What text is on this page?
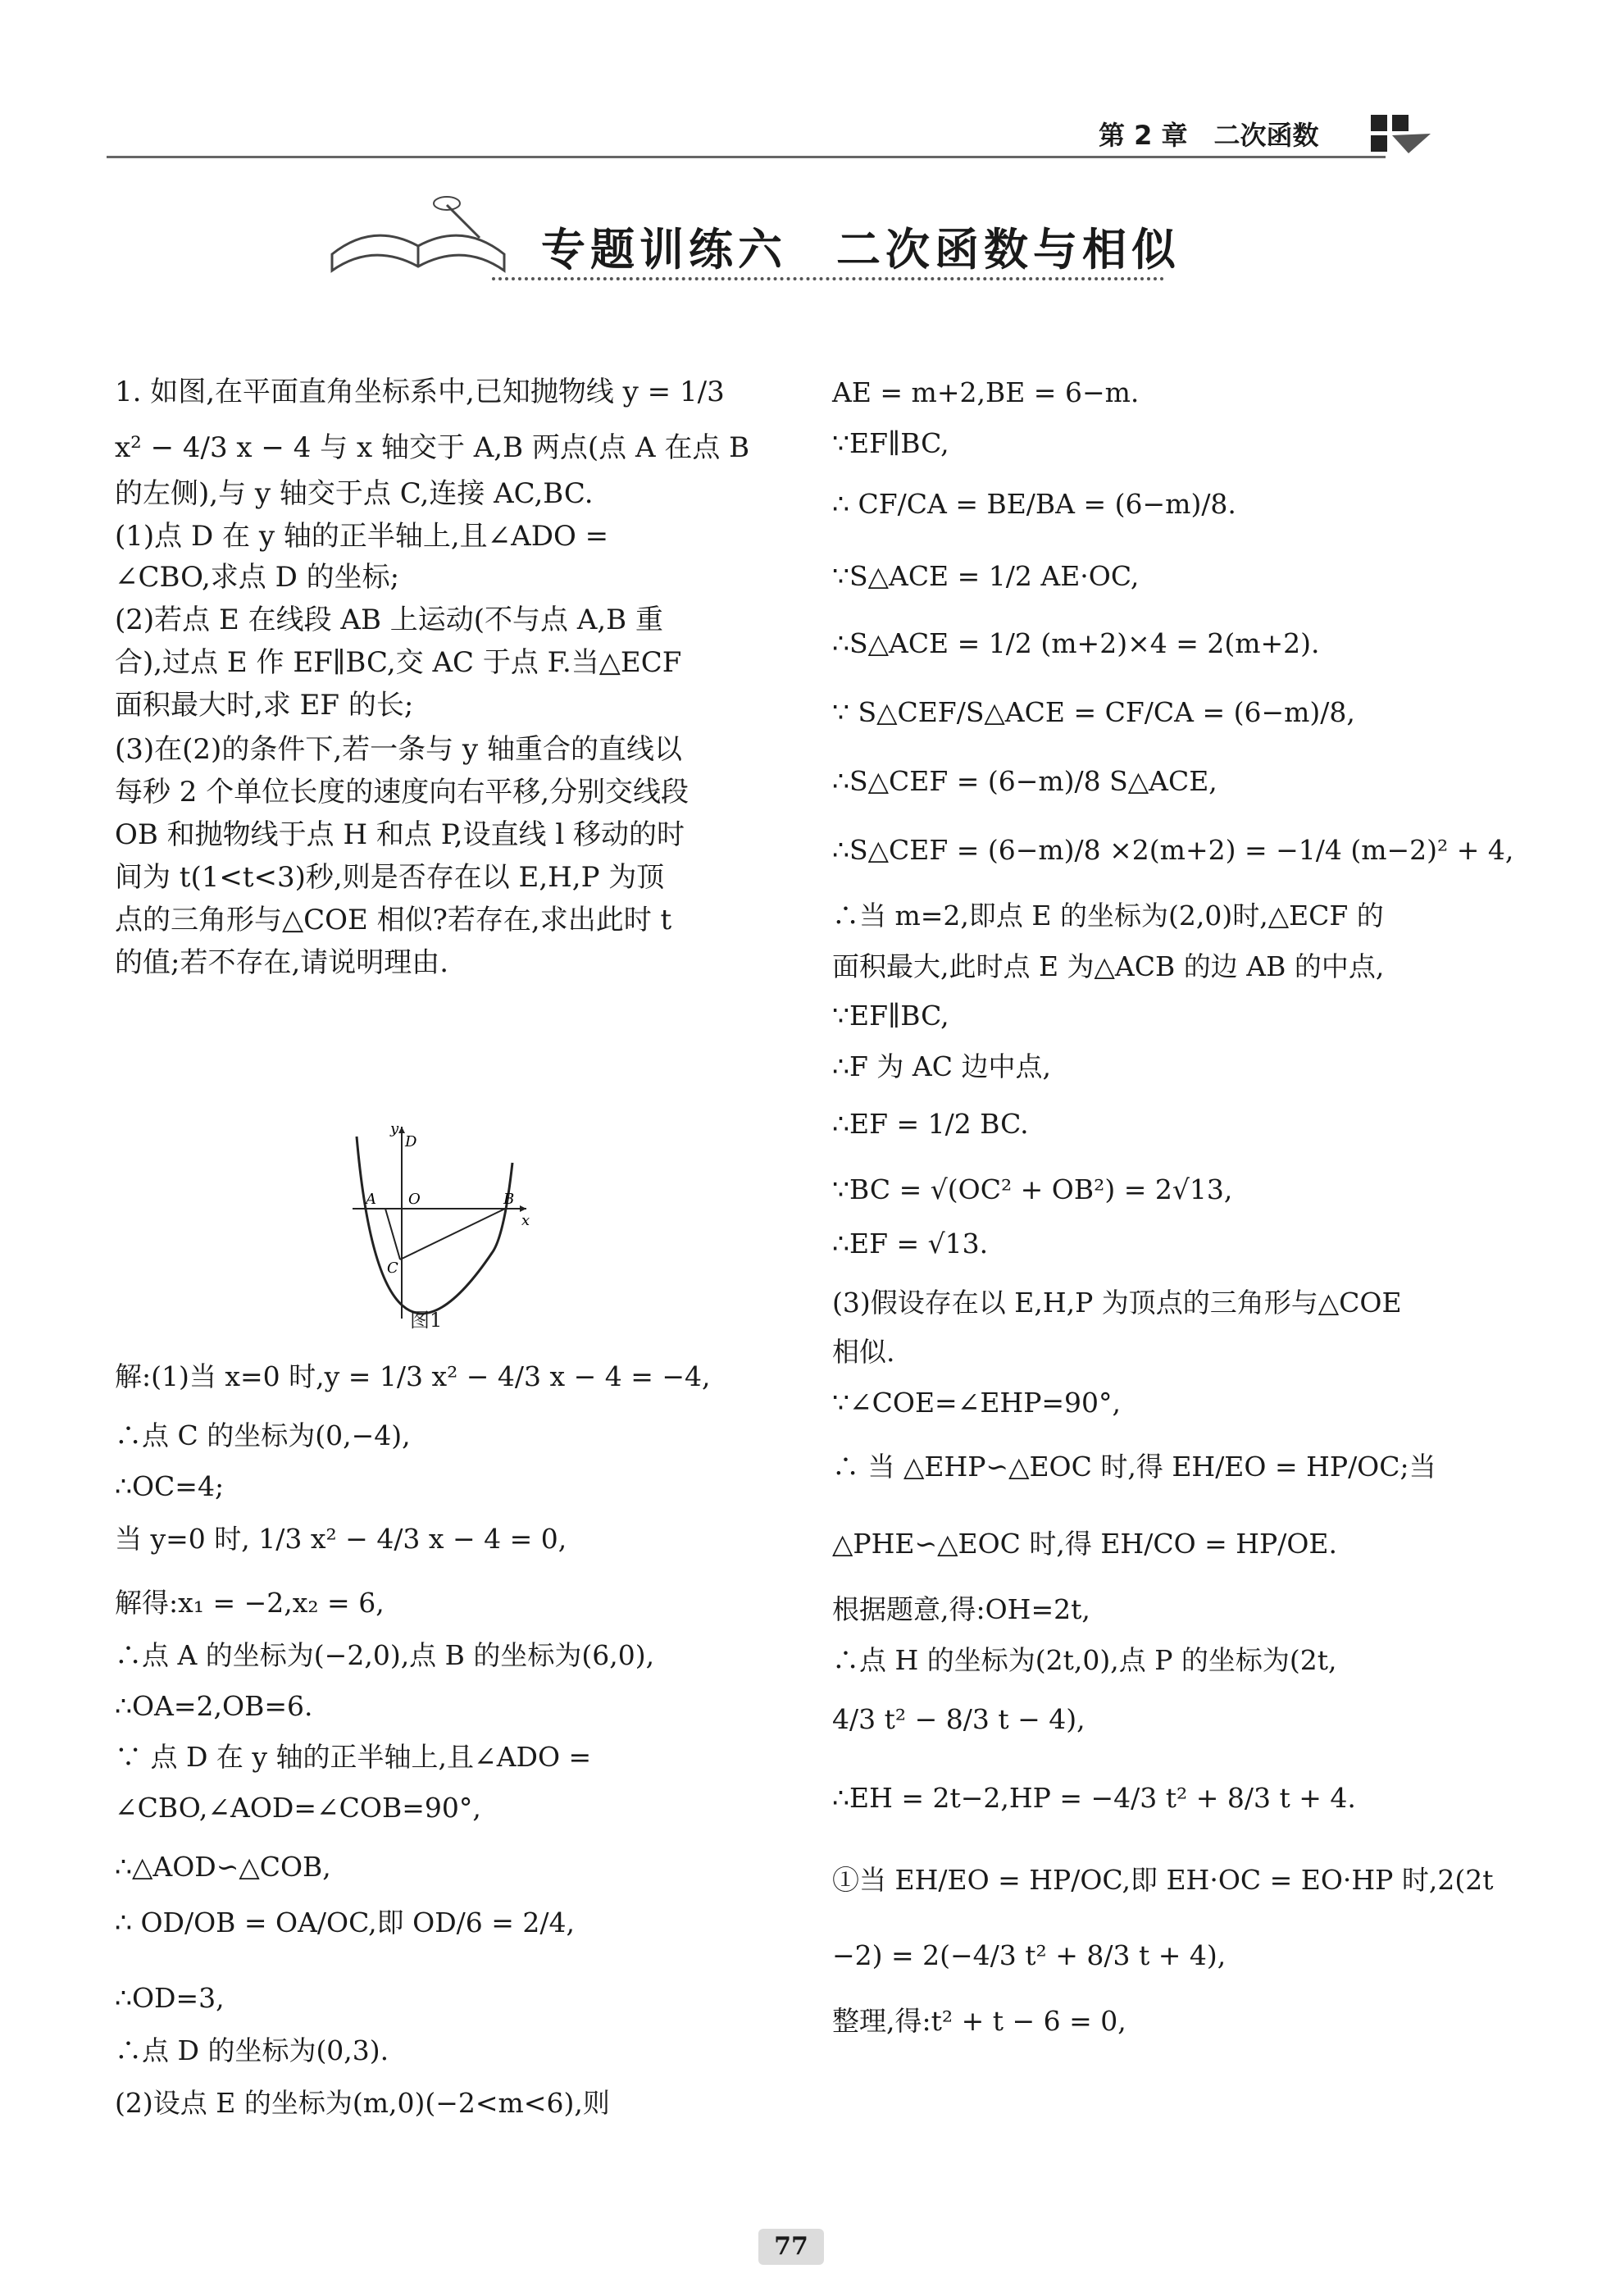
第 2 章　二次函数
专题训练六　二次函数与相似
1. 如图,在平面直角坐标系中,已知抛物线 y = 1/3
x² − 4/3 x − 4 与 x 轴交于 A,B 两点(点 A 在点 B
的左侧),与 y 轴交于点 C,连接 AC,BC.
(1)点 D 在 y 轴的正半轴上,且∠ADO =
∠CBO,求点 D 的坐标;
(2)若点 E 在线段 AB 上运动(不与点 A,B 重
合),过点 E 作 EF∥BC,交 AC 于点 F.当△ECF
面积最大时,求 EF 的长;
(3)在(2)的条件下,若一条与 y 轴重合的直线以
每秒 2 个单位长度的速度向右平移,分别交线段
OB 和抛物线于点 H 和点 P,设直线 l 移动的时
间为 t(1<t<3)秒,则是否存在以 E,H,P 为顶
点的三角形与△COE 相似?若存在,求出此时 t
的值;若不存在,请说明理由.
解:(1)当 x=0 时,y = 1/3 x² − 4/3 x − 4 = −4,
∴点 C 的坐标为(0,−4),
∴OC=4;
当 y=0 时, 1/3 x² − 4/3 x − 4 = 0,
解得:x₁ = −2,x₂ = 6,
∴点 A 的坐标为(−2,0),点 B 的坐标为(6,0),
∴OA=2,OB=6.
∵ 点 D 在 y 轴的正半轴上,且∠ADO =
∠CBO,∠AOD=∠COB=90°,
∴△AOD∽△COB,
∴ OD/OB = OA/OC,即 OD/6 = 2/4,
∴OD=3,
∴点 D 的坐标为(0,3).
(2)设点 E 的坐标为(m,0)(−2<m<6),则
y
D
x
A O	B
C
图1
AE = m+2,BE = 6−m.
∵EF∥BC,
∴ CF/CA = BE/BA = (6−m)/8.
∵S△ACE = 1/2 AE·OC,
∴S△ACE = 1/2 (m+2)×4 = 2(m+2).
∵ S△CEF/S△ACE = CF/CA = (6−m)/8,
∴S△CEF = (6−m)/8 S△ACE,
∴S△CEF = (6−m)/8 ×2(m+2) = −1/4 (m−2)² + 4,
∴当 m=2,即点 E 的坐标为(2,0)时,△ECF 的
面积最大,此时点 E 为△ACB 的边 AB 的中点,
∵EF∥BC,
∴F 为 AC 边中点,
∴EF = 1/2 BC.
∵BC = √(OC² + OB²) = 2√13,
∴EF = √13.
(3)假设存在以 E,H,P 为顶点的三角形与△COE
相似.
∵∠COE=∠EHP=90°,
∴ 当 △EHP∽△EOC 时,得 EH/EO = HP/OC;当
△PHE∽△EOC 时,得 EH/CO = HP/OE.
根据题意,得:OH=2t,
∴点 H 的坐标为(2t,0),点 P 的坐标为(2t,
4/3 t² − 8/3 t − 4),
∴EH = 2t−2,HP = −4/3 t² + 8/3 t + 4.
①当 EH/EO = HP/OC,即 EH·OC = EO·HP 时,2(2t
−2) = 2(−4/3 t² + 8/3 t + 4),
整理,得:t² + t − 6 = 0,
77
